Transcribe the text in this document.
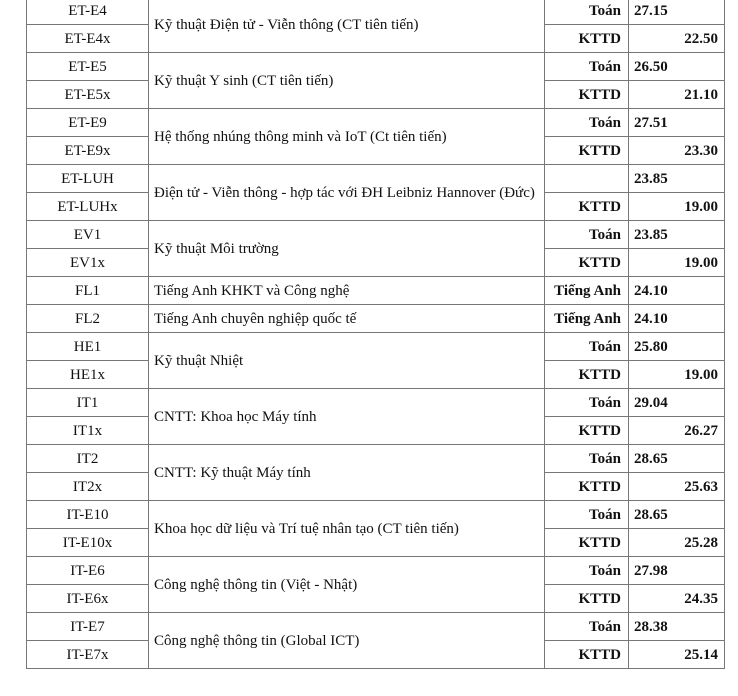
ET-E4	Kỹ thuật Điện tử - Viễn thông (CT tiên tiến)	Toán	27.15
ET-E4x		KTTD	22.50
ET-E5	Kỹ thuật Y sinh (CT tiên tiến)	Toán	26.50
ET-E5x		KTTD	21.10
ET-E9	Hệ thống nhúng thông minh và IoT (Ct tiên tiến)	Toán	27.51
ET-E9x		KTTD	23.30
ET-LUH	Điện tử - Viễn thông - hợp tác với ĐH Leibniz Hannover (Đức)		23.85
ET-LUHx		KTTD	19.00
EV1	Kỹ thuật Môi trường	Toán	23.85
EV1x		KTTD	19.00
FL1	Tiếng Anh KHKT và Công nghệ	Tiếng Anh	24.10
FL2	Tiếng Anh chuyên nghiệp quốc tế	Tiếng Anh	24.10
HE1	Kỹ thuật Nhiệt	Toán	25.80
HE1x		KTTD	19.00
IT1	CNTT: Khoa học Máy tính	Toán	29.04
IT1x		KTTD	26.27
IT2	CNTT: Kỹ thuật Máy tính	Toán	28.65
IT2x		KTTD	25.63
IT-E10	Khoa học dữ liệu và Trí tuệ nhân tạo (CT tiên tiến)	Toán	28.65
IT-E10x		KTTD	25.28
IT-E6	Công nghệ thông tin (Việt - Nhật)	Toán	27.98
IT-E6x		KTTD	24.35
IT-E7	Công nghệ thông tin (Global ICT)	Toán	28.38
IT-E7x		KTTD	25.14
